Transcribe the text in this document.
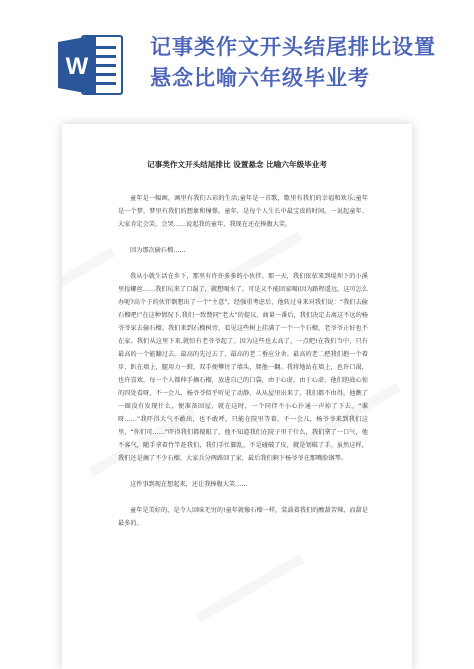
W
记事类作文开头结尾排比设置
悬念比喻六年级毕业考
记事类作文开头结尾排比 设置悬念 比喻六年级毕业考

童年是一幅画，画里有我们五彩的生活;童年是一首歌，歌里有我们的幸福和欢乐;童年是一个梦，梦里有我们的想象和憧憬。童年，是每个人生长中最宝贵的时间。一说起童年、大家肯定会笑、会哭……说起我的童年，我现在还在捧腹大笑。

因为那次偷石榴……

我从小就生活在乡下，那里有许许多多的小伙伴。那一天，我们依依来到堤坝下的小溪里捡螺丝……我们玩来了口渴了，就想喝水了。可是又不能回家喝(因为路程遥远，这可怎么办呢?高个子的伙伴倒想出了一个“主意”，经强重考虑后，他转过身来对我们说：“我们去偷石榴吧!”在这种情况下,我们一致赞同“老大”的提议，商量一番后，我们决定去离这不远的杨爷爷家去偷石榴。我们来到石榴树旁，看见这些树上挂满了一个一个石榴，老爷爷正好也不在家。我们从这里下来,就怕有老爷爷起了。因为这些也太高了，一点吧!在我们当中，只有最高的一个能翻过去。最高的先过去了，最高的老二垂应分舍。最高的老二把我们抱一个着步，趴在墙上，腿用力一蹬，双手便攀住了墙头，爬他一翻。我将地站在墙上，也许口渴，也许喜欢，每一个人都伸手摘石榴，放进自己的口袋，由于心虚，由于心虚，他们胆战心惊的四处看呀，不一会儿，杨爷爷似乎听见了动静，从从屋里出来了，我们都不由得。他瞧了一圈没有发现什么，便准备回屋，就在这时，一个同伴不小心扑通一声掉了下去。“谁呀……”我吓得大气不敢出，也不敢呼，只能在院里等着。不一会儿，杨爷爷来到我们这里，“你们可……”吓得我们都傻眼了，他不知道我们在院子里干什么，我们拿了一口气，他不客气，随手拿着竹竿赶我们，我们手忙脚乱，不是碰破了皮，就是划破了手。虽然这样，我们还是摘了不少石榴，大家兵分两路回了家，最后我们剩下杨爷爷在那嘴脸钢琴。

这件事到现在想起来，还让我捧腹大笑……

童年是美好的，是令人回味无穷的!童年就像石榴一样，装载着我们的酸甜苦辣，而甜是最多的。
